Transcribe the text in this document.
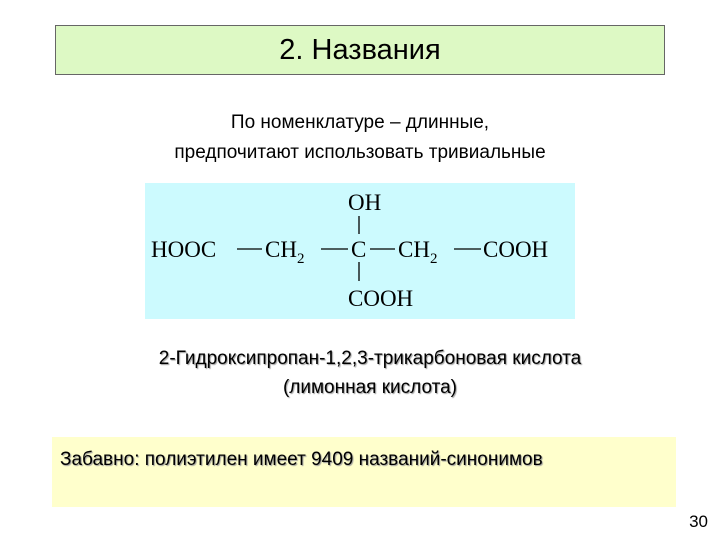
2. Названия
По номенклатуре – длинные,
предпочитают использовать тривиальные
OH
HOOC $CH_2$ C $CH_2$ COOH
COOH
2-Гидроксипропан-1,2,3-трикарбоновая кислота
(лимонная кислота)
Забавно: полиэтилен имеет 9409 названий-синонимов
30
